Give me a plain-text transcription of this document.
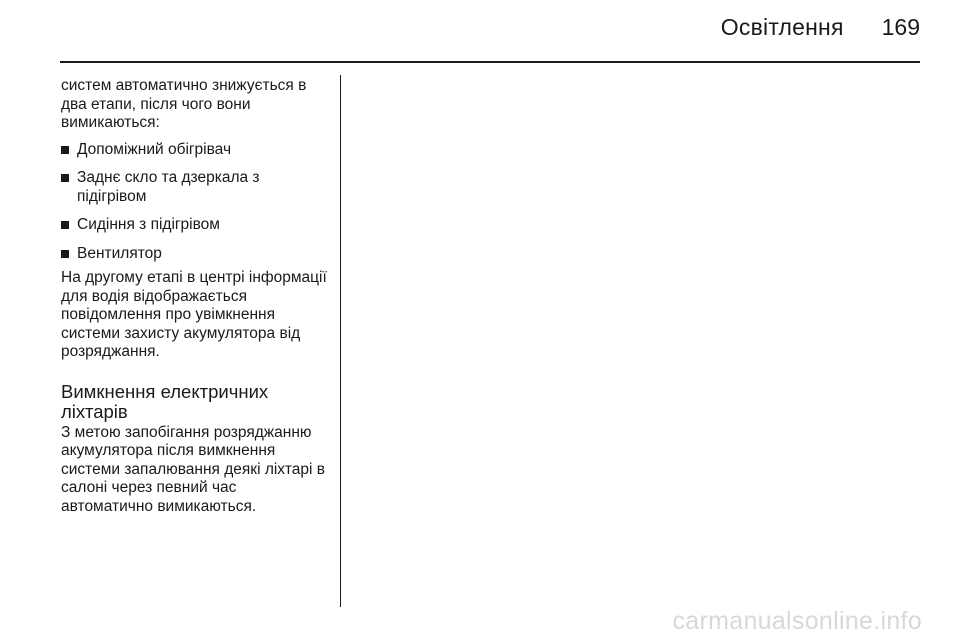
Освітлення 169

систем автоматично знижується в два етапи, після чого вони вимикаються:

Допоміжний обігрівач
Заднє скло та дзеркала з підігрівом
Сидіння з підігрівом
Вентилятор

На другому етапі в центрі інформації для водія відображається повідомлення про увімкнення системи захисту акумулятора від розряджання.

Вимкнення електричних ліхтарів

З метою запобігання розряджанню акумулятора після вимкнення системи запалювання деякі ліхтарі в салоні через певний час автоматично вимикаються.

carmanualsonline.info
